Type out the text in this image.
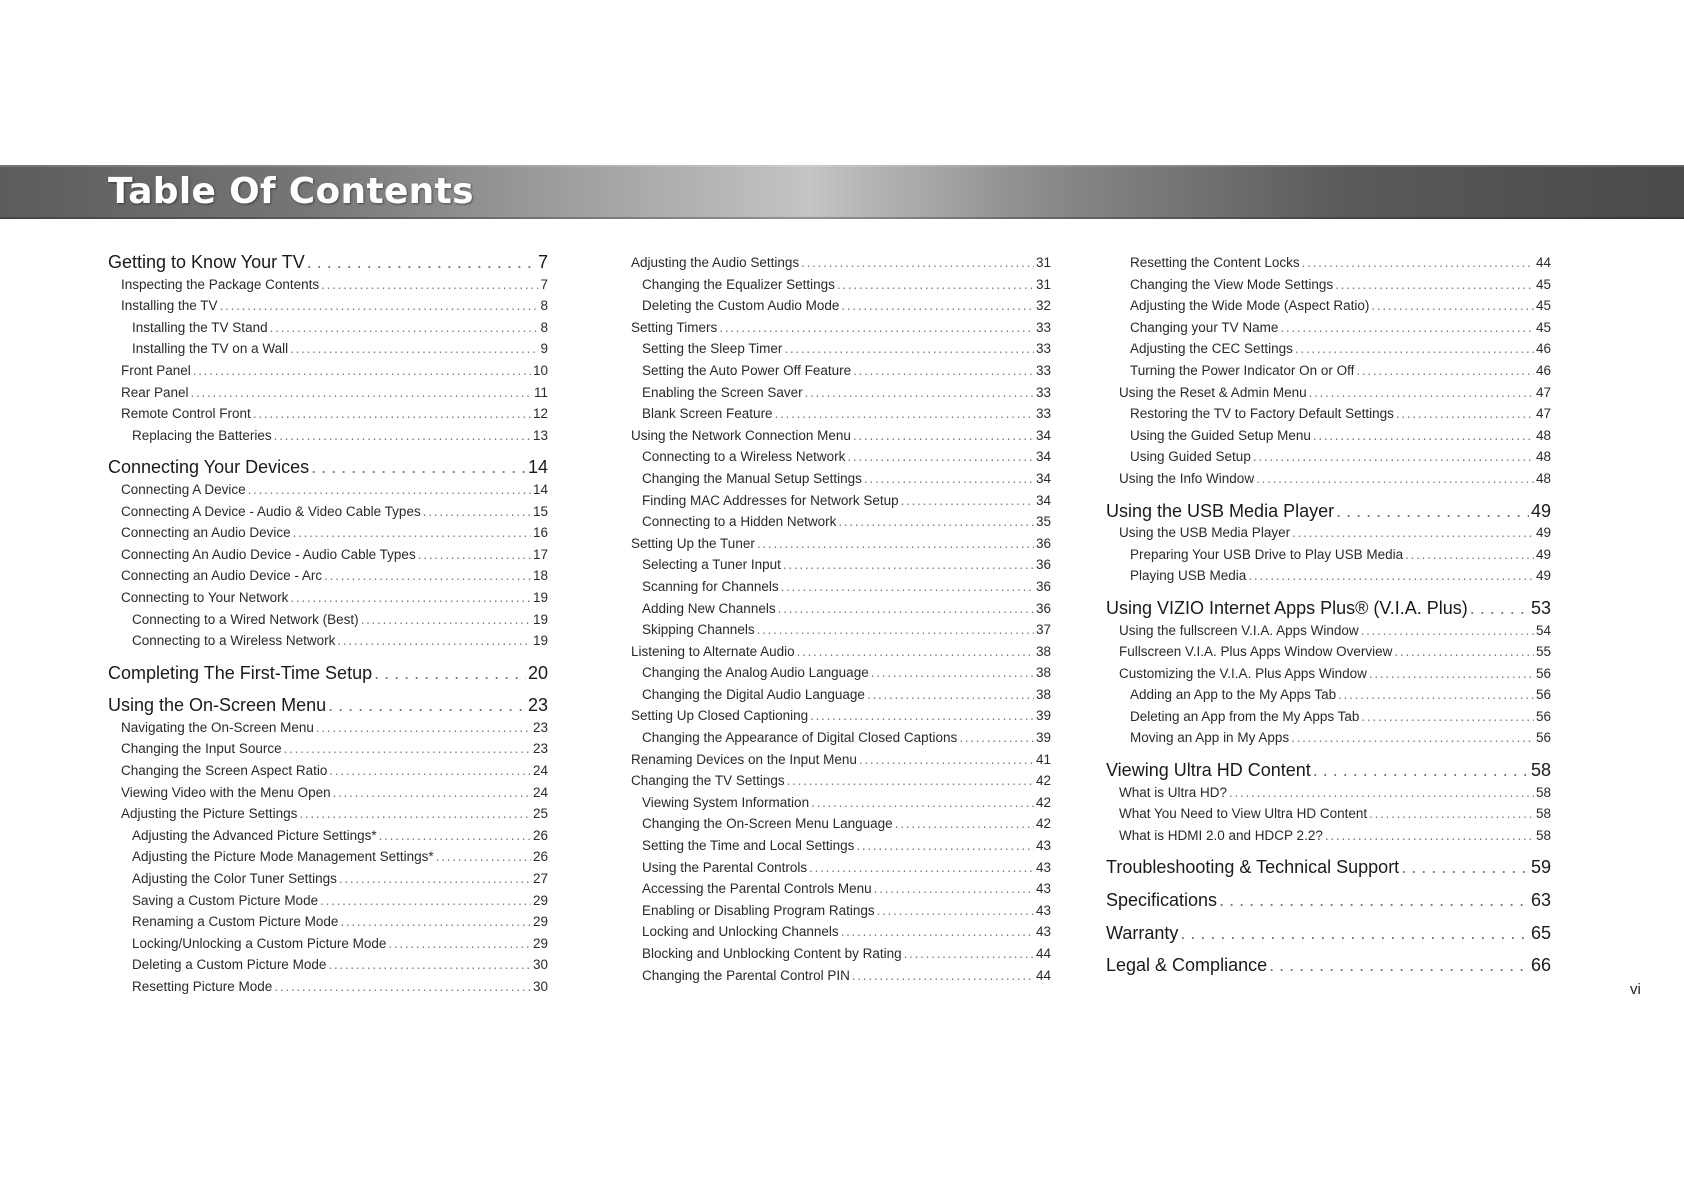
Table Of Contents
Getting to Know Your TV . . .	7
Inspecting the Package Contents . . .	7
Installing the TV . . .	8
Installing the TV Stand . . .	8
Installing the TV on a Wall . . .	9
Front Panel . . .	10
Rear Panel . . .	11
Remote Control Front . . .	12
Replacing the Batteries . . .	13
Connecting Your Devices . . .	14
Connecting A Device . . .	14
Connecting A Device - Audio & Video Cable Types . . .	15
Connecting an Audio Device . . .	16
Connecting An Audio Device - Audio Cable Types . . .	17
Connecting an Audio Device - Arc . . .	18
Connecting to Your Network . . .	19
Connecting to a Wired Network (Best) . . .	19
Connecting to a Wireless Network . . .	19
Completing The First-Time Setup . . .	20
Using the On-Screen Menu . . .	23
Navigating the On-Screen Menu . . .	23
Changing the Input Source . . .	23
Changing the Screen Aspect Ratio . . .	24
Viewing Video with the Menu Open . . .	24
Adjusting the Picture Settings . . .	25
Adjusting the Advanced Picture Settings* . . .	26
Adjusting the Picture Mode Management Settings* . . .	26
Adjusting the Color Tuner Settings . . .	27
Saving a Custom Picture Mode . . .	29
Renaming a Custom Picture Mode . . .	29
Locking/Unlocking a Custom Picture Mode . . .	29
Deleting a Custom Picture Mode . . .	30
Resetting Picture Mode . . .	30
Adjusting the Audio Settings . . .	31
Changing the Equalizer Settings . . .	31
Deleting the Custom Audio Mode . . .	32
Setting Timers . . .	33
Setting the Sleep Timer . . .	33
Setting the Auto Power Off Feature . . .	33
Enabling the Screen Saver . . .	33
Blank Screen Feature . . .	33
Using the Network Connection Menu . . .	34
Connecting to a Wireless Network . . .	34
Changing the Manual Setup Settings . . .	34
Finding MAC Addresses for Network Setup . . .	34
Connecting to a Hidden Network . . .	35
Setting Up the Tuner . . .	36
Selecting a Tuner Input . . .	36
Scanning for Channels . . .	36
Adding New Channels . . .	36
Skipping Channels . . .	37
Listening to Alternate Audio . . .	38
Changing the Analog Audio Language . . .	38
Changing the Digital Audio Language . . .	38
Setting Up Closed Captioning . . .	39
Changing the Appearance of Digital Closed Captions . . .	39
Renaming Devices on the Input Menu . . .	41
Changing the TV Settings . . .	42
Viewing System Information . . .	42
Changing the On-Screen Menu Language . . .	42
Setting the Time and Local Settings . . .	43
Using the Parental Controls . . .	43
Accessing the Parental Controls Menu . . .	43
Enabling or Disabling Program Ratings . . .	43
Locking and Unlocking Channels . . .	43
Blocking and Unblocking Content by Rating . . .	44
Changing the Parental Control PIN . . .	44
Resetting the Content Locks . . .	44
Changing the View Mode Settings . . .	45
Adjusting the Wide Mode (Aspect Ratio) . . .	45
Changing your TV Name . . .	45
Adjusting the CEC Settings . . .	46
Turning the Power Indicator On or Off . . .	46
Using the Reset & Admin Menu . . .	47
Restoring the TV to Factory Default Settings . . .	47
Using the Guided Setup Menu . . .	48
Using Guided Setup . . .	48
Using the Info Window . . .	48
Using the USB Media Player . . .	49
Using the USB Media Player . . .	49
Preparing Your USB Drive to Play USB Media . . .	49
Playing USB Media . . .	49
Using VIZIO Internet Apps Plus® (V.I.A. Plus) . . .	53
Using the fullscreen V.I.A. Apps Window . . .	54
Fullscreen V.I.A. Plus Apps Window Overview . . .	55
Customizing the V.I.A. Plus Apps Window . . .	56
Adding an App to the My Apps Tab . . .	56
Deleting an App from the My Apps Tab . . .	56
Moving an App in My Apps . . .	56
Viewing Ultra HD Content . . .	58
What is Ultra HD? . . .	58
What You Need to View Ultra HD Content . . .	58
What is HDMI 2.0 and HDCP 2.2? . . .	58
Troubleshooting & Technical Support . . .	59
Specifications . . .	63
Warranty . . .	65
Legal & Compliance . . .	66
vi
